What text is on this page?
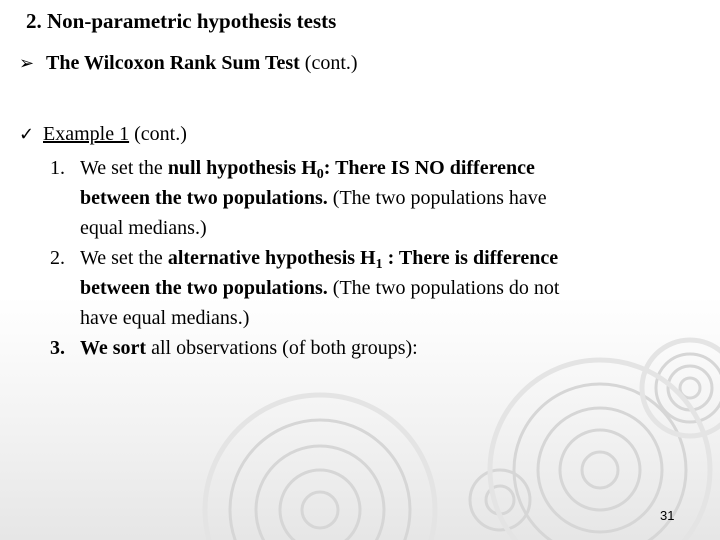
2. Non-parametric hypothesis tests
➢ The Wilcoxon Rank Sum Test (cont.)
✓ Example 1 (cont.)
1. We set the null hypothesis $H_0$: There IS NO difference
between the two populations. (The two populations have
equal medians.)
2. We set the alternative hypothesis $H_1$ : There is difference
between the two populations. (The two populations do not
have equal medians.)
3. We sort all observations (of both groups):
31
